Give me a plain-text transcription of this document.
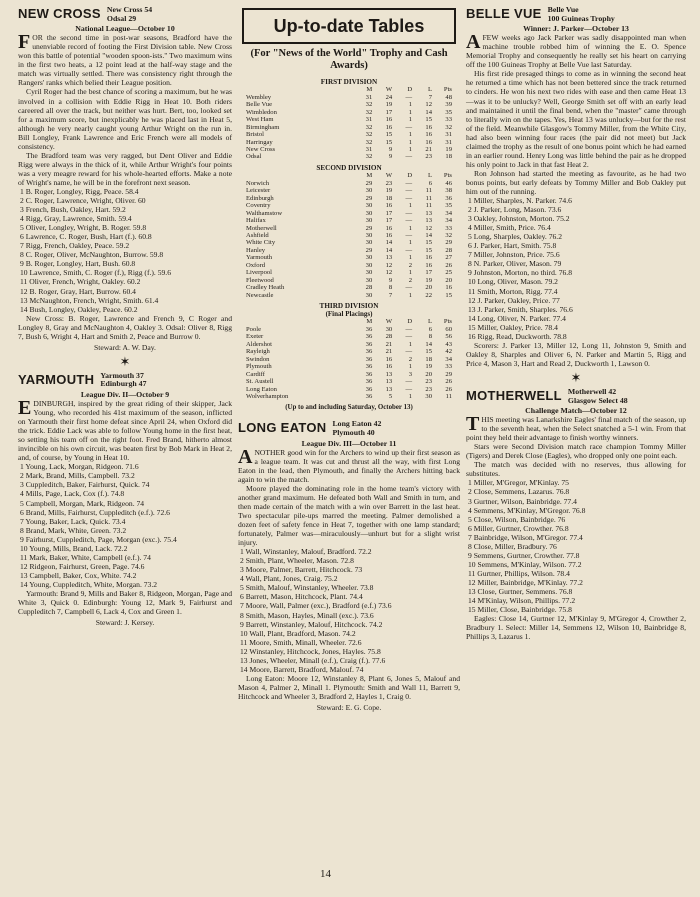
NEW CROSS New Cross 54
Odsal 29
National League—October 10

FOR the second time in post-war seasons, Bradford have the unenviable record of footing the First Division table. New Cross won this battle of potential "wooden spoon-ists." Two maximum wins in the first two heats, a 12 point lead at the half-way stage and the match was virtually settled. There was consistency right through the Rangers' ranks which belied their League position.

Cyril Roger had the best chance of scoring a maximum, but he was involved in a collision with Eddie Rigg in Heat 10. Both riders careered all over the track, but neither was hurt. Bert, too, looked set for a maximum score, but inexplicably he was placed last in Heat 5, although he very nearly caught young Arthur Wright on the run in. Bill Longley, Frank Lawrence and Eric French were all models of consistency.

The Bradford team was very ragged, but Dent Oliver and Eddie Rigg were always in the thick of it, while Arthur Wright's four points was a very meagre reward for his whole-hearted efforts. Make a note of Wright's name, he will be in the forefront next season.

1 B. Roger, Longley, Rigg, Peace. 58.4
2 C. Roger, Lawrence, Wright, Oliver. 60
3 French, Bush, Oakley, Hart. 59.2
4 Rigg, Gray, Lawrence, Smith. 59.4
5 Oliver, Longley, Wright, B. Roger. 59.8
6 Lawrence, C. Roger, Bush, Hart (f.). 60.8
7 Rigg, French, Oakley, Peace. 59.2
8 C. Roger, Oliver, McNaughton, Burrow. 59.8
9 B. Roger, Longley, Hart, Bush. 60.8
10 Lawrence, Smith, C. Roger (f.), Rigg (f.). 59.6
11 Oliver, French, Wright, Oakley. 60.2
12 B. Roger, Gray, Hart, Burrow. 60.4
13 McNaughton, French, Wright, Smith. 61.4
14 Bush, Longley, Oakley, Peace. 60.2

New Cross: B. Roger, Lawrence and French 9, C Roger and Longley 8, Gray and McNaughton 4, Oakley 3. Odsal: Oliver 8, Rigg 7, Bush 6, Wright 4, Hart and Smith 2, Peace and Burrow 0.

Steward: A. W. Day.
✶
YARMOUTH Yarmouth 37
Edinburgh 47
League Div. II—October 9

EDINBURGH, inspired by the great riding of their skipper, Jack Young, who recorded his 41st maximum of the season, inflicted on Yarmouth their first home defeat since April 24, when Oxford did the trick. Eddie Lack was able to follow Young home in the first heat, so setting his team off on the right foot. Fred Brand, hitherto almost invincible on his own circuit, was beaten first by Bob Mark in Heat 2, and, of course, by Young in Heat 10.

1 Young, Lack, Morgan, Ridgeon. 71.6
2 Mark, Brand, Mills, Campbell. 73.2
3 Cuppleditch, Baker, Fairhurst, Quick. 74
4 Mills, Page, Lack, Cox (f.). 74.8
5 Campbell, Morgan, Mark, Ridgeon. 74
6 Brand, Mills, Fairhurst, Cuppleditch (e.f.). 72.6
7 Young, Baker, Lack, Quick. 73.4
8 Brand, Mark, White, Green. 73.2
9 Fairhurst, Cuppleditch, Page, Morgan (exc.). 75.4
10 Young, Mills, Brand, Lack. 72.2
11 Mark, Baker, White, Campbell (e.f.). 74
12 Ridgeon, Fairhurst, Green, Page. 74.6
13 Campbell, Baker, Cox, White. 74.2
14 Young, Cuppleditch, White, Morgan. 73.2

Yarmouth: Brand 9, Mills and Baker 8, Ridgeon, Morgan, Page and White 3, Quick 0. Edinburgh: Young 12, Mark 9, Fairhurst and Cuppleditch 7, Campbell 6, Lack 4, Cox and Green 1.

Steward: J. Kersey.
Up-to-date Tables
(For "News of the World" Trophy and Cash Awards)
FIRST DIVISION
	M	W	D	L	Pts
Wembley	31	24	—	7	48
Belle Vue	32	19	1	12	39
Wimbledon	32	17	1	14	35
West Ham	31	16	1	15	33
Birmingham	32	16	—	16	32
Bristol	32	15	1	16	31
Harringay	32	15	1	16	31
New Cross	31	9	1	21	19
Odsal	32	9	—	23	18
SECOND DIVISION
	M	W	D	L	Pts
Norwich	29	23	—	6	46
Leicester	30	19	—	11	38
Edinburgh	29	18	—	11	36
Coventry	30	16	1	11	35
Walthamstow	30	17	—	13	34
Halifax	30	17	—	13	34
Motherwell	29	16	1	12	33
Ashfield	30	16	—	14	32
White City	30	14	1	15	29
Hanley	29	14	—	15	28
Yarmouth	30	13	1	16	27
Oxford	30	12	2	16	26
Liverpool	30	12	1	17	25
Fleetwood	30	9	2	19	20
Cradley Heath	28	8	—	20	16
Newcastle	30	7	1	22	15
THIRD DIVISION
(Final Placings)
	M	W	D	L	Pts
Poole	36	30	—	6	60
Exeter	36	28	—	8	56
Aldershot	36	21	1	14	43
Rayleigh	36	21	—	15	42
Swindon	36	16	2	18	34
Plymouth	36	16	1	19	33
Cardiff	36	13	3	20	29
St. Austell	36	13	—	23	26
Long Eaton	36	13	—	23	26
Wolverhampton	36	5	1	30	11
(Up to and including Saturday, October 13)
LONG EATON Long Eaton 42
Plymouth 40
League Div. III—October 11

ANOTHER good win for the Archers to wind up their first season as a league team. It was cut and thrust all the way, with first Long Eaton in the lead, then Plymouth, and finally the Archers hitting back again to win the match.

Moore played the dominating role in the home team's victory with another grand maximum. He defeated both Wall and Smith in turn, and then made certain of the match with a win over Barrett in the last heat. Two spectacular pile-ups marred the meeting. Palmer demolished a dozen feet of safety fence in Heat 7, together with one lamp standard; fortunately, Palmer was—miraculously—unhurt but for a slight wrist injury.

1 Wall, Winstanley, Malouf, Bradford. 72.2
2 Smith, Plant, Wheeler, Mason. 72.8
3 Moore, Palmer, Barrett, Hitchcock. 73
4 Wall, Plant, Jones, Craig. 75.2
5 Smith, Malouf, Winstanley, Wheeler. 73.8
6 Barrett, Mason, Hitchcock, Plant. 74.4
7 Moore, Wall, Palmer (exc.), Bradford (e.f.) 73.6
8 Smith, Mason, Hayles, Minall (exc.). 73.6
9 Barrett, Winstanley, Malouf, Hitchcock. 74.2
10 Wall, Plant, Bradford, Mason. 74.2
11 Moore, Smith, Minall, Wheeler. 72.6
12 Winstanley, Hitchcock, Jones, Hayles. 75.8
13 Jones, Wheeler, Minall (e.f.), Craig (f.). 77.6
14 Moore, Barrett, Bradford, Malouf. 74

Long Eaton: Moore 12, Winstanley 8, Plant 6, Jones 5, Malouf and Mason 4, Palmer 2, Minall 1. Plymouth: Smith and Wall 11, Barrett 9, Hitchcock and Wheeler 3, Bradford 2, Hayles 1, Craig 0.

Steward: E. G. Cope.
BELLE VUE Belle Vue
100 Guineas Trophy
Winner: J. Parker—October 13

AFEW weeks ago Jack Parker was sadly disappointed man when machine trouble robbed him of winning the E. O. Spence Memorial Trophy and consequently he really set his heart on carrying off the 100 Guineas Trophy at Belle Vue last Saturday.

His first ride presaged things to come as in winning the second heat he returned a time which has not been bettered since the track returned to cinders. He won his next two rides with ease and then came Heat 13—was it to be unlucky? Well, George Smith set off with an early lead and maintained it until the final bend, when the "master" came through to literally win on the tapes. Yes, Heat 13 was unlucky—but for the rest of the field. Meanwhile Glasgow's Tommy Miller, from the White City, had also been winning four races (the pair did not meet) but Jack claimed the trophy as the result of one bonus point which he had earned in an earlier round. Henry Long was little behind the pair as he dropped his only point to Jack in that fast Heat 2.

Ron Johnson had started the meeting as favourite, as he had two bonus points, but early defeats by Tommy Miller and Bob Oakley put him out of the running.

1 Miller, Sharples, N. Parker. 74.6
2 J. Parker, Long, Mason. 73.6
3 Oakley, Johnston, Morton. 75.2
4 Miller, Smith, Price. 76.4
5 Long, Sharples, Oakley. 76.2
6 J. Parker, Hart, Smith. 75.8
7 Miller, Johnston, Price. 75.6
8 N. Parker, Oliver, Mason. 79
9 Johnston, Morton, no third. 76.8
10 Long, Oliver, Mason. 79.2
11 Smith, Morton, Rigg. 77.4
12 J. Parker, Oakley, Price. 77
13 J. Parker, Smith, Sharples. 76.6
14 Long, Oliver, N. Parker. 77.4
15 Miller, Oakley, Price. 78.4
16 Rigg, Read, Duckworth. 78.8

Scorers: J. Parker 13, Miller 12, Long 11, Johnston 9, Smith and Oakley 8, Sharples and Oliver 6, N. Parker and Martin 5, Rigg and Price 4, Mason 3, Hart and Read 2, Duckworth 1, Lawson 0.

✶
MOTHERWELL Motherwell 42
Glasgow Select 48
Challenge Match—October 12

THIS meeting was Lanarkshire Eagles' final match of the season, up to the seventh heat, when the Select snatched a 5-1 win. From that point they held their advantage to finish worthy winners.

Stars were Second Division match race champion Tommy Miller (Tigers) and Derek Close (Eagles), who dropped only one point each.

The match was decided with no reserves, thus allowing for substitutes.

1 Miller, M'Gregor, M'Kinlay. 75
2 Close, Semmens, Lazarus. 76.8
3 Gurtner, Wilson, Bainbridge. 77.4
4 Semmens, M'Kinlay, M'Gregor. 76.8
5 Close, Wilson, Bainbridge. 76
6 Miller, Gurtner, Crowther. 76.8
7 Bainbridge, Wilson, M'Gregor. 77.4
8 Close, Miller, Bradbury. 76
9 Semmens, Gurtner, Crowther. 77.8
10 Semmens, M'Kinlay, Wilson. 77.2
11 Gurtner, Phillips, Wilson. 78.4
12 Miller, Bainbridge, M'Kinlay. 77.2
13 Close, Gurtner, Semmens. 76.8
14 M'Kinlay, Wilson, Phillips. 77.2
15 Miller, Close, Bainbridge. 75.8

Eagles: Close 14, Gurtner 12, M'Kinlay 9, M'Gregor 4, Crowther 2, Bradbury 1. Select: Miller 14, Semmens 12, Wilson 10, Bainbridge 8, Phillips 3, Lazarus 1.

14
